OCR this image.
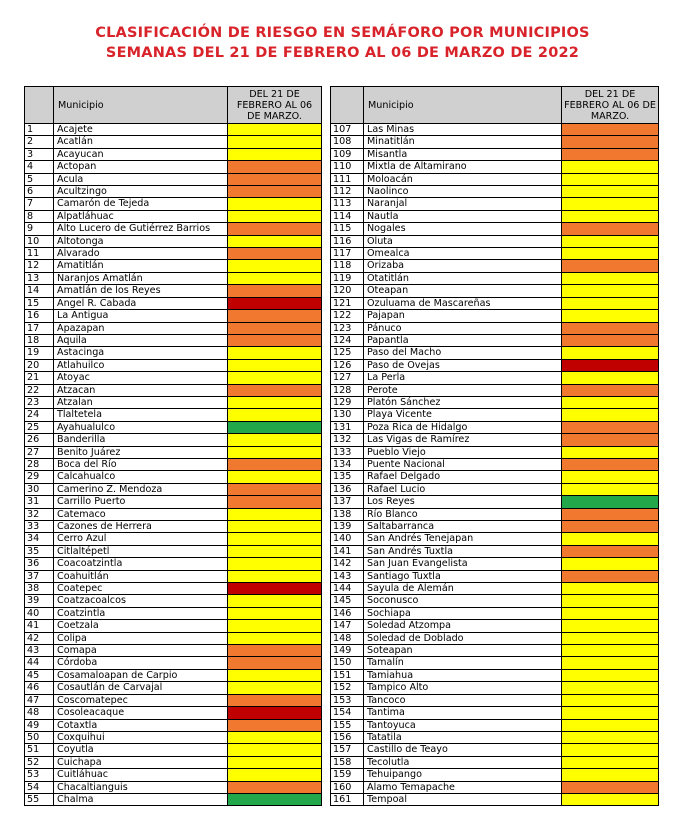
CLASIFICACIÓN DE RIESGO EN SEMÁFORO POR MUNICIPIOS
SEMANAS DEL 21 DE FEBRERO AL 06 DE MARZO DE 2022
	Municipio	DEL 21 DE FEBRERO AL 06 DE MARZO.
1	Acajete	
2	Acatlán	
3	Acayucan	
4	Actopan	
5	Acula	
6	Acultzingo	
7	Camarón de Tejeda	
8	Alpatláhuac	
9	Alto Lucero de Gutiérrez Barrios	
10	Altotonga	
11	Alvarado	
12	Amatitlán	
13	Naranjos Amatlán	
14	Amatlán de los Reyes	
15	Angel R. Cabada	
16	La Antigua	
17	Apazapan	
18	Aquila	
19	Astacinga	
20	Atlahuilco	
21	Atoyac	
22	Atzacan	
23	Atzalan	
24	Tlaltetela	
25	Ayahualulco	
26	Banderilla	
27	Benito Juárez	
28	Boca del Río	
29	Calcahualco	
30	Camerino Z. Mendoza	
31	Carrillo Puerto	
32	Catemaco	
33	Cazones de Herrera	
34	Cerro Azul	
35	Citlaltépetl	
36	Coacoatzintla	
37	Coahuitlán	
38	Coatepec	
39	Coatzacoalcos	
40	Coatzintla	
41	Coetzala	
42	Colipa	
43	Comapa	
44	Córdoba	
45	Cosamaloapan de Carpio	
46	Cosautlán de Carvajal	
47	Coscomatepec	
48	Cosoleacaque	
49	Cotaxtla	
50	Coxquihui	
51	Coyutla	
52	Cuichapa	
53	Cuitláhuac	
54	Chacaltianguis	
55	Chalma	
	Municipio	DEL 21 DE FEBRERO AL 06 DE MARZO.
107	Las Minas	
108	Minatitlán	
109	Misantla	
110	Mixtla de Altamirano	
111	Moloacán	
112	Naolinco	
113	Naranjal	
114	Nautla	
115	Nogales	
116	Oluta	
117	Omealca	
118	Orizaba	
119	Otatitlán	
120	Oteapan	
121	Ozuluama de Mascareñas	
122	Pajapan	
123	Pánuco	
124	Papantla	
125	Paso del Macho	
126	Paso de Ovejas	
127	La Perla	
128	Perote	
129	Platón Sánchez	
130	Playa Vicente	
131	Poza Rica de Hidalgo	
132	Las Vigas de Ramírez	
133	Pueblo Viejo	
134	Puente Nacional	
135	Rafael Delgado	
136	Rafael Lucio	
137	Los Reyes	
138	Río Blanco	
139	Saltabarranca	
140	San Andrés Tenejapan	
141	San Andrés Tuxtla	
142	San Juan Evangelista	
143	Santiago Tuxtla	
144	Sayula de Alemán	
145	Soconusco	
146	Sochiapa	
147	Soledad Atzompa	
148	Soledad de Doblado	
149	Soteapan	
150	Tamalín	
151	Tamiahua	
152	Tampico Alto	
153	Tancoco	
154	Tantima	
155	Tantoyuca	
156	Tatatila	
157	Castillo de Teayo	
158	Tecolutla	
159	Tehuipango	
160	Álamo Temapache	
161	Tempoal	
